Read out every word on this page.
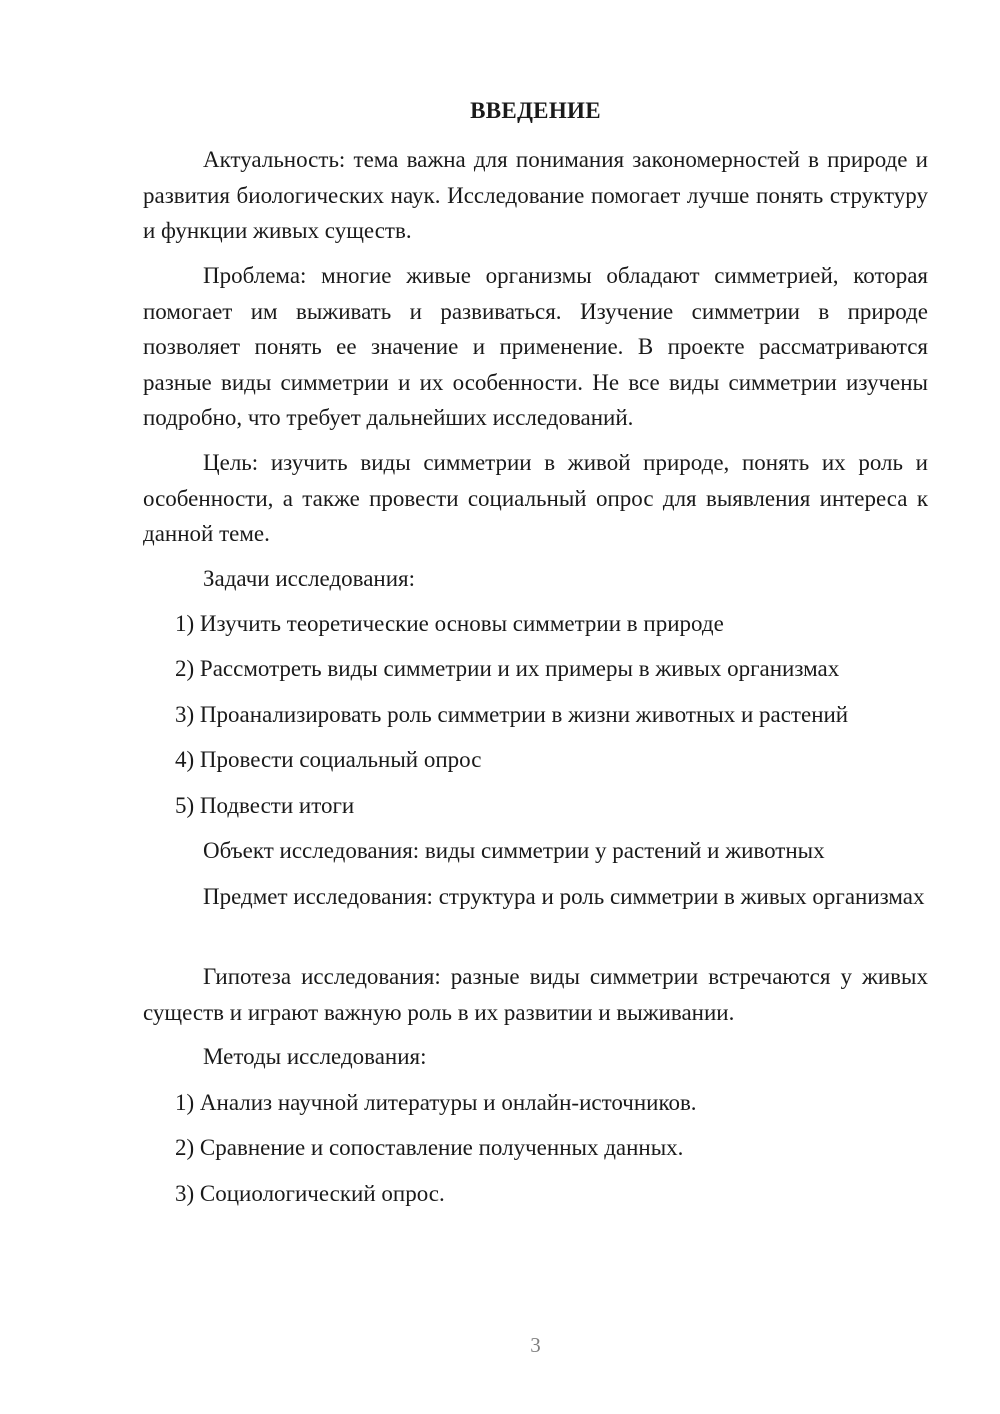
ВВЕДЕНИЕ

Актуальность: тема важна для понимания закономерностей в природе и развития биологических наук. Исследование помогает лучше понять структуру и функции живых существ.

Проблема: многие живые организмы обладают симметрией, которая помогает им выживать и развиваться. Изучение симметрии в природе позволяет понять ее значение и применение. В проекте рассматриваются разные виды симметрии и их особенности. Не все виды симметрии изучены подробно, что требует дальнейших исследований.

Цель: изучить виды симметрии в живой природе, понять их роль и особенности, а также провести социальный опрос для выявления интереса к данной теме.

Задачи исследования:

1) Изучить теоретические основы симметрии в природе

2) Рассмотреть виды симметрии и их примеры в живых организмах

3) Проанализировать роль симметрии в жизни животных и растений

4) Провести социальный опрос

5) Подвести итоги

Объект исследования: виды симметрии у растений и животных

Предмет исследования: структура и роль симметрии в живых организмах

Гипотеза исследования: разные виды симметрии встречаются у живых существ и играют важную роль в их развитии и выживании.

Методы исследования:

1) Анализ научной литературы и онлайн-источников.

2) Сравнение и сопоставление полученных данных.

3) Социологический опрос.

3
